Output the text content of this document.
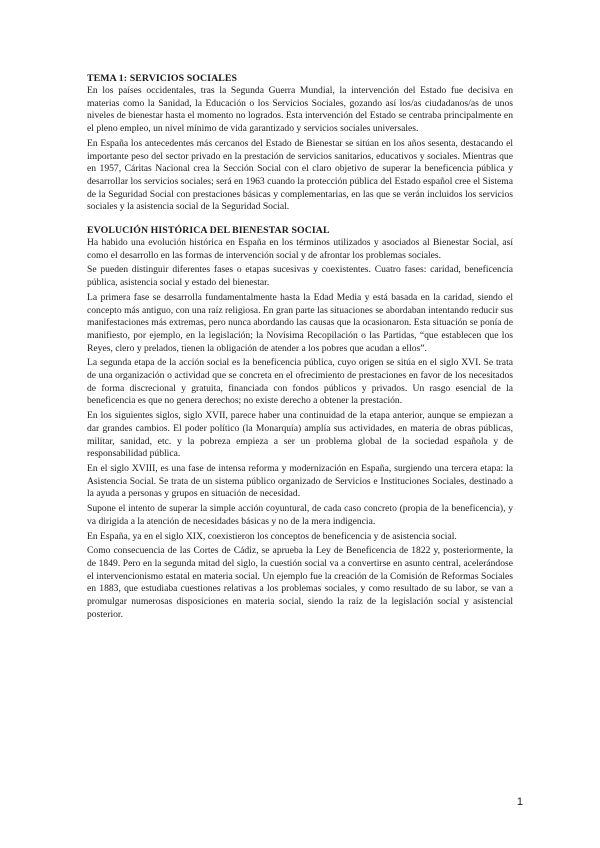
TEMA 1: SERVICIOS SOCIALES

En los países occidentales, tras la Segunda Guerra Mundial, la intervención del Estado fue decisiva en materias como la Sanidad, la Educación o los Servicios Sociales, gozando así los/as ciudadanos/as de unos niveles de bienestar hasta el momento no logrados. Esta intervención del Estado se centraba principalmente en el pleno empleo, un nivel mínimo de vida garantizado y servicios sociales universales.

En España los antecedentes más cercanos del Estado de Bienestar se sitúan en los años sesenta, destacando el importante peso del sector privado en la prestación de servicios sanitarios, educativos y sociales. Mientras que en 1957, Cáritas Nacional crea la Sección Social con el claro objetivo de superar la beneficencia pública y desarrollar los servicios sociales; será en 1963 cuando la protección pública del Estado español cree el Sistema de la Seguridad Social con prestaciones básicas y complementarias, en las que se verán incluidos los servicios sociales y la asistencia social de la Seguridad Social.

EVOLUCIÓN HISTÓRICA DEL BIENESTAR SOCIAL

Ha habido una evolución histórica en España en los términos utilizados y asociados al Bienestar Social, así como el desarrollo en las formas de intervención social y de afrontar los problemas sociales.

Se pueden distinguir diferentes fases o etapas sucesivas y coexistentes. Cuatro fases: caridad, beneficencia pública, asistencia social y estado del bienestar.

La primera fase se desarrolla fundamentalmente hasta la Edad Media y está basada en la caridad, siendo el concepto más antiguo, con una raíz religiosa. En gran parte las situaciones se abordaban intentando reducir sus manifestaciones más extremas, pero nunca abordando las causas que la ocasionaron. Esta situación se ponía de manifiesto, por ejemplo, en la legislación; la Novísima Recopilación o las Partidas, “que establecen que los Reyes, clero y prelados, tienen la obligación de atender a los pobres que acudan a ellos”.

La segunda etapa de la acción social es la beneficencia pública, cuyo origen se sitúa en el siglo XVI. Se trata de una organización o actividad que se concreta en el ofrecimiento de prestaciones en favor de los necesitados de forma discrecional y gratuita, financiada con fondos públicos y privados. Un rasgo esencial de la beneficencia es que no genera derechos; no existe derecho a obtener la prestación.

En los siguientes siglos, siglo XVII, parece haber una continuidad de la etapa anterior, aunque se empiezan a dar grandes cambios. El poder político (la Monarquía) amplía sus actividades, en materia de obras públicas, militar, sanidad, etc. y la pobreza empieza a ser un problema global de la sociedad española y de responsabilidad pública.

En el siglo XVIII, es una fase de intensa reforma y modernización en España, surgiendo una tercera etapa: la Asistencia Social. Se trata de un sistema público organizado de Servicios e Instituciones Sociales, destinado a la ayuda a personas y grupos en situación de necesidad.

Supone el intento de superar la simple acción coyuntural, de cada caso concreto (propia de la beneficencia), y va dirigida a la atención de necesidades básicas y no de la mera indigencia.

En España, ya en el siglo XIX, coexistieron los conceptos de beneficencia y de asistencia social.

Como consecuencia de las Cortes de Cádiz, se aprueba la Ley de Beneficencia de 1822 y, posteriormente, la de 1849. Pero en la segunda mitad del siglo, la cuestión social va a convertirse en asunto central, acelerándose el intervencionismo estatal en materia social. Un ejemplo fue la creación de la Comisión de Reformas Sociales en 1883, que estudiaba cuestiones relativas a los problemas sociales, y como resultado de su labor, se van a promulgar numerosas disposiciones en materia social, siendo la raíz de la legislación social y asistencial posterior.

1
